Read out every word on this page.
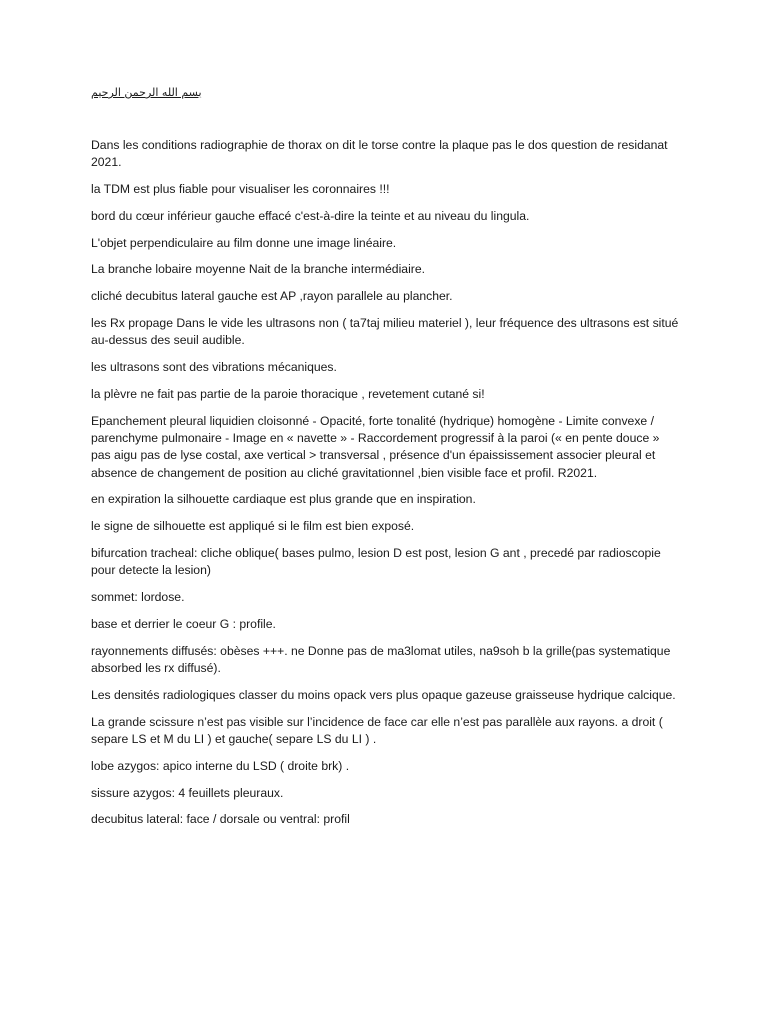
بسم الله الرحمن الرحيم

Dans les conditions radiographie de thorax on dit le torse contre la plaque pas le dos question de residanat 2021.

la TDM est plus fiable pour visualiser les coronnaires !!!

bord du cœur inférieur gauche effacé c'est-à-dire la teinte et au niveau du lingula.

L'objet perpendiculaire au film donne une image linéaire.

La branche lobaire moyenne Nait de la branche intermédiaire.

cliché decubitus lateral gauche est AP ,rayon parallele au plancher.

les Rx propage Dans le vide les ultrasons non ( ta7taj milieu materiel ), leur fréquence des ultrasons est situé au-dessus des seuil audible.

les ultrasons sont des vibrations mécaniques.

la plèvre ne fait pas partie de la paroie thoracique , revetement cutané si!

Epanchement pleural liquidien cloisonné - Opacité, forte tonalité (hydrique) homogène - Limite convexe / parenchyme pulmonaire - Image en « navette » - Raccordement progressif à la paroi (« en pente douce » pas aigu pas de lyse costal, axe vertical > transversal , présence d'un épaississement associer pleural et absence de changement de position au cliché gravitationnel ,bien visible face et profil. R2021.

en expiration la silhouette cardiaque est plus grande que en inspiration.

le signe de silhouette est appliqué si le film est bien exposé.

bifurcation tracheal: cliche oblique( bases pulmo, lesion D est post, lesion G ant , precedé par radioscopie pour detecte la lesion)

sommet: lordose.

base et derrier le coeur G : profile.

rayonnements diffusés: obèses +++. ne Donne pas de ma3lomat utiles, na9soh b la grille(pas systematique absorbed les rx diffusé).

Les densités radiologiques classer du moins opack vers plus opaque gazeuse graisseuse hydrique calcique.

La grande scissure n’est pas visible sur l’incidence de face car elle n’est pas parallèle aux rayons. a droit ( separe LS et M du LI ) et gauche( separe LS du LI ) .

lobe azygos: apico interne du LSD ( droite brk) .

sissure azygos: 4 feuillets pleuraux.

decubitus lateral: face / dorsale ou ventral: profil
